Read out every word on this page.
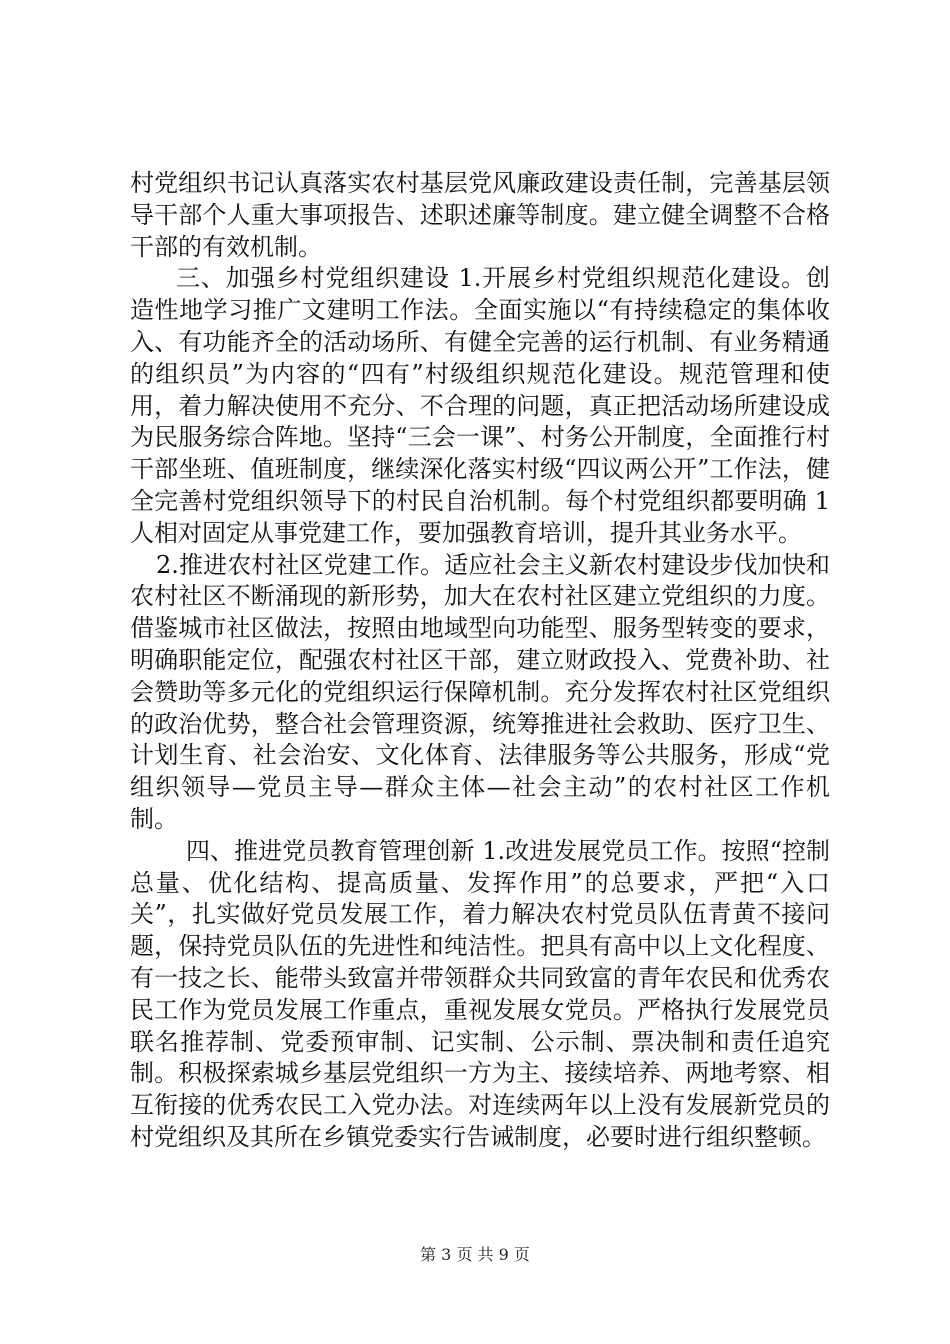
村党组织书记认真落实农村基层党风廉政建设责任制，完善基层领导干部个人重大事项报告、述职述廉等制度。建立健全调整不合格干部的有效机制。

三、加强乡村党组织建设 1.开展乡村党组织规范化建设。创造性地学习推广文建明工作法。全面实施以“有持续稳定的集体收入、有功能齐全的活动场所、有健全完善的运行机制、有业务精通的组织员”为内容的“四有”村级组织规范化建设。规范管理和使用，着力解决使用不充分、不合理的问题，真正把活动场所建设成为民服务综合阵地。坚持“三会一课”、村务公开制度，全面推行村干部坐班、值班制度，继续深化落实村级“四议两公开”工作法，健全完善村党组织领导下的村民自治机制。每个村党组织都要明确 1 人相对固定从事党建工作，要加强教育培训，提升其业务水平。

2.推进农村社区党建工作。适应社会主义新农村建设步伐加快和农村社区不断涌现的新形势，加大在农村社区建立党组织的力度。借鉴城市社区做法，按照由地域型向功能型、服务型转变的要求，明确职能定位，配强农村社区干部，建立财政投入、党费补助、社会赞助等多元化的党组织运行保障机制。充分发挥农村社区党组织的政治优势，整合社会管理资源，统筹推进社会救助、医疗卫生、计划生育、社会治安、文化体育、法律服务等公共服务，形成“党组织领导—党员主导—群众主体—社会主动”的农村社区工作机制。

四、推进党员教育管理创新 1.改进发展党员工作。按照“控制总量、优化结构、提高质量、发挥作用”的总要求，严把“入口关”，扎实做好党员发展工作，着力解决农村党员队伍青黄不接问题，保持党员队伍的先进性和纯洁性。把具有高中以上文化程度、有一技之长、能带头致富并带领群众共同致富的青年农民和优秀农民工作为党员发展工作重点，重视发展女党员。严格执行发展党员联名推荐制、党委预审制、记实制、公示制、票决制和责任追究制。积极探索城乡基层党组织一方为主、接续培养、两地考察、相互衔接的优秀农民工入党办法。对连续两年以上没有发展新党员的村党组织及其所在乡镇党委实行告诫制度，必要时进行组织整顿。

第 3 页 共 9 页
